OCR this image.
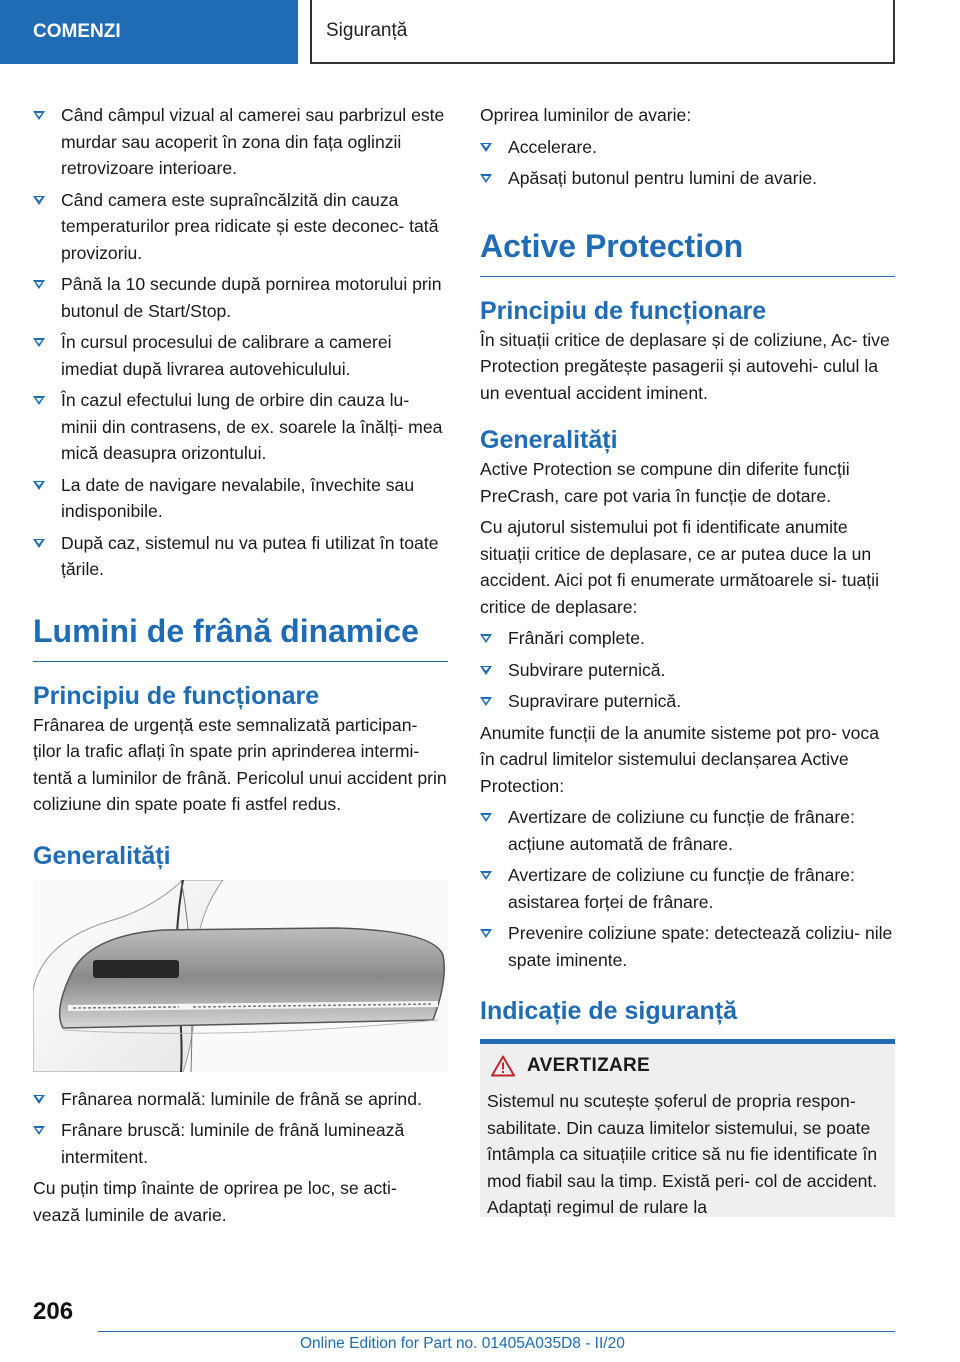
COMENZI	Siguranță
Când câmpul vizual al camerei sau parbrizul este murdar sau acoperit în zona din fața oglinzii retrovizoare interioare.
Când camera este supraîncălzită din cauza temperaturilor prea ridicate și este deconec- tată provizoriu.
Până la 10 secunde după pornirea motorului prin butonul de Start/Stop.
În cursul procesului de calibrare a camerei imediat după livrarea autovehiculului.
În cazul efectului lung de orbire din cauza lu- minii din contrasens, de ex. soarele la înălți- mea mică deasupra orizontului.
La date de navigare nevalabile, învechite sau indisponibile.
După caz, sistemul nu va putea fi utilizat în toate țările.
Lumini de frână dinamice
Principiu de funcționare

Frânarea de urgență este semnalizată participan- ților la trafic aflați în spate prin aprinderea intermi- tentă a luminilor de frână. Pericolul unui accident prin coliziune din spate poate fi astfel redus.

Generalități
Frânarea normală: luminile de frână se aprind.
Frânare bruscă: luminile de frână luminează intermitent.

Cu puțin timp înainte de oprirea pe loc, se acti- vează luminile de avarie.

Oprirea luminilor de avarie:

Accelerare.
Apăsați butonul pentru lumini de avarie.
Active Protection
Principiu de funcționare

În situații critice de deplasare și de coliziune, Ac- tive Protection pregătește pasagerii și autovehi- culul la un eventual accident iminent.

Generalități

Active Protection se compune din diferite funcții PreCrash, care pot varia în funcție de dotare.

Cu ajutorul sistemului pot fi identificate anumite situații critice de deplasare, ce ar putea duce la un accident. Aici pot fi enumerate următoarele si- tuații critice de deplasare:

Frânări complete.
Subvirare puternică.
Supravirare puternică.

Anumite funcții de la anumite sisteme pot pro- voca în cadrul limitelor sistemului declanșarea Active Protection:

Avertizare de coliziune cu funcție de frânare: acțiune automată de frânare.
Avertizare de coliziune cu funcție de frânare: asistarea forței de frânare.
Prevenire coliziune spate: detectează coliziu- nile spate iminente.
Indicație de siguranță
AVERTIZARE

Sistemul nu scutește șoferul de propria respon- sabilitate. Din cauza limitelor sistemului, se poate întâmpla ca situațiile critice să nu fie identificate în mod fiabil sau la timp. Există peri- col de accident. Adaptați regimul de rulare la

206
Online Edition for Part no. 01405A035D8 - II/20
